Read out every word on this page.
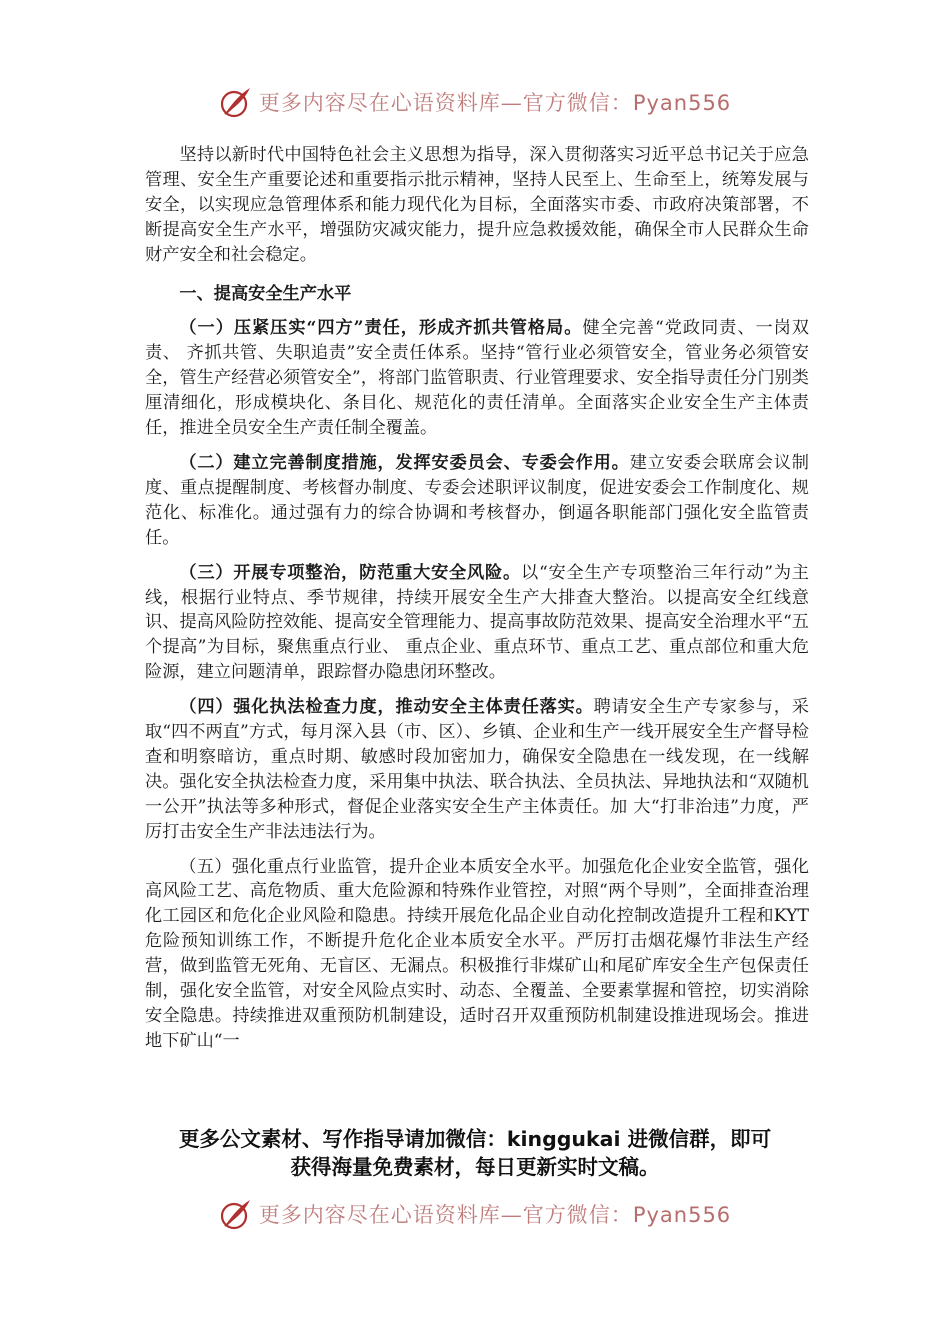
更多内容尽在心语资料库—官方微信：Pyan556

坚持以新时代中国特色社会主义思想为指导，深入贯彻落实习近平总书记关于应急管理、安全生产重要论述和重要指示批示精神，坚持人民至上、生命至上，统筹发展与安全，以实现应急管理体系和能力现代化为目标，全面落实市委、市政府决策部署，不断提高安全生产水平，增强防灾减灾能力，提升应急救援效能，确保全市人民群众生命财产安全和社会稳定。

一、提高安全生产水平

（一）压紧压实“四方”责任，形成齐抓共管格局。健全完善“党政同责、一岗双责、 齐抓共管、失职追责”安全责任体系。坚持“管行业必须管安全，管业务必须管安全，管生产经营必须管安全”，将部门监管职责、行业管理要求、安全指导责任分门别类厘清细化，形成模块化、条目化、规范化的责任清单。全面落实企业安全生产主体责任，推进全员安全生产责任制全覆盖。

（二）建立完善制度措施，发挥安委员会、专委会作用。建立安委会联席会议制度、重点提醒制度、考核督办制度、专委会述职评议制度，促进安委会工作制度化、规范化、标准化。通过强有力的综合协调和考核督办，倒逼各职能部门强化安全监管责任。

（三）开展专项整治，防范重大安全风险。以“安全生产专项整治三年行动”为主线，根据行业特点、季节规律，持续开展安全生产大排查大整治。以提高安全红线意识、提高风险防控效能、提高安全管理能力、提高事故防范效果、提高安全治理水平“五个提高”为目标，聚焦重点行业、 重点企业、重点环节、重点工艺、重点部位和重大危险源，建立问题清单，跟踪督办隐患闭环整改。

（四）强化执法检查力度，推动安全主体责任落实。聘请安全生产专家参与，采取“四不两直”方式，每月深入县（市、区）、乡镇、企业和生产一线开展安全生产督导检查和明察暗访，重点时期、敏感时段加密加力，确保安全隐患在一线发现，在一线解决。强化安全执法检查力度，采用集中执法、联合执法、全员执法、异地执法和“双随机一公开”执法等多种形式，督促企业落实安全生产主体责任。加 大“打非治违”力度，严厉打击安全生产非法违法行为。

（五）强化重点行业监管，提升企业本质安全水平。加强危化企业安全监管，强化高风险工艺、高危物质、重大危险源和特殊作业管控，对照“两个导则”，全面排查治理化工园区和危化企业风险和隐患。持续开展危化品企业自动化控制改造提升工程和KYT危险预知训练工作，不断提升危化企业本质安全水平。严厉打击烟花爆竹非法生产经营，做到监管无死角、无盲区、无漏点。积极推行非煤矿山和尾矿库安全生产包保责任制，强化安全监管，对安全风险点实时、动态、全覆盖、全要素掌握和管控，切实消除安全隐患。持续推进双重预防机制建设，适时召开双重预防机制建设推进现场会。推进地下矿山“一

更多公文素材、写作指导请加微信：kinggukai 进微信群，即可
获得海量免费素材，每日更新实时文稿。
更多内容尽在心语资料库—官方微信：Pyan556
